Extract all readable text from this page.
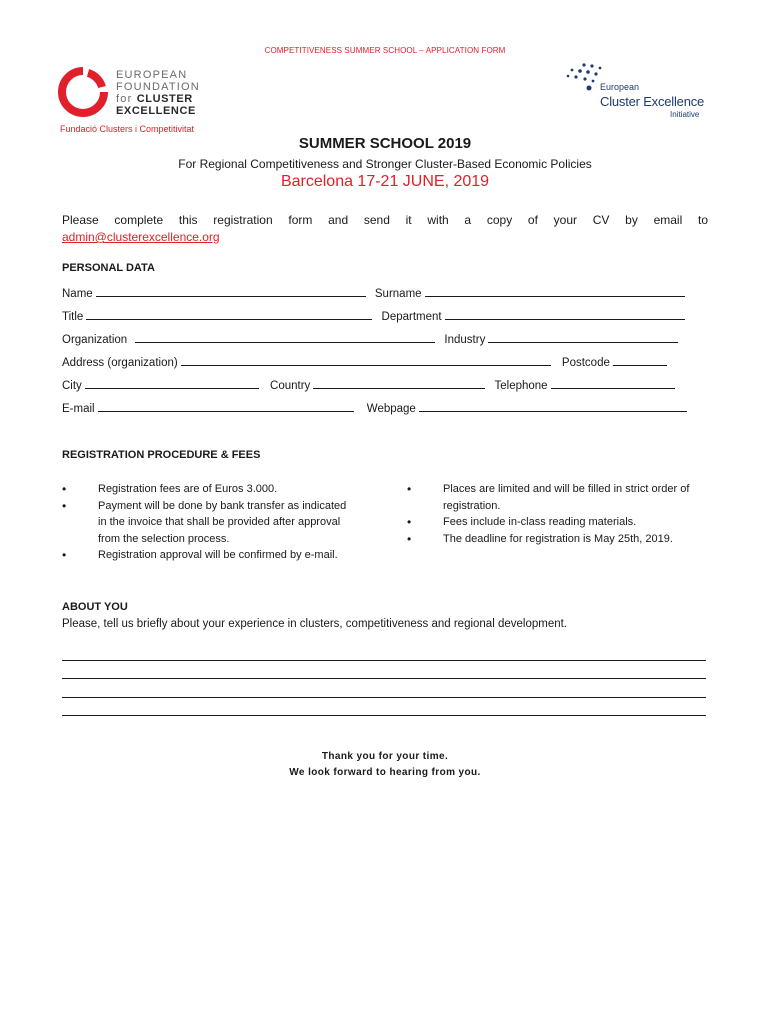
COMPETITIVENESS SUMMER SCHOOL – APPLICATION FORM
EUROPEAN
FOUNDATION
for CLUSTER
EXCELLENCE
Fundació Clusters i Competitivitat
European
Cluster Excellence
Initiative
SUMMER SCHOOL 2019
For Regional Competitiveness and Stronger Cluster-Based Economic Policies
Barcelona 17-21 JUNE, 2019
Please complete this registration form and send it with a copy of your CV by email to
admin@clusterexcellence.org
PERSONAL DATA
Name	Surname
Title	Department
Organization	Industry
Address (organization)	Postcode
City	Country	Telephone
E-mail	Webpage
REGISTRATION PROCEDURE & FEES
• Registration fees are of Euros 3.000.
• Payment will be done by bank transfer as indicated in the invoice that shall be provided after approval from the selection process.
• Registration approval will be confirmed by e-mail.
• Places are limited and will be filled in strict order of registration.
• Fees include in-class reading materials.
• The deadline for registration is May 25th, 2019.
ABOUT YOU
Please, tell us briefly about your experience in clusters, competitiveness and regional development.
Thank you for your time.
We look forward to hearing from you.
